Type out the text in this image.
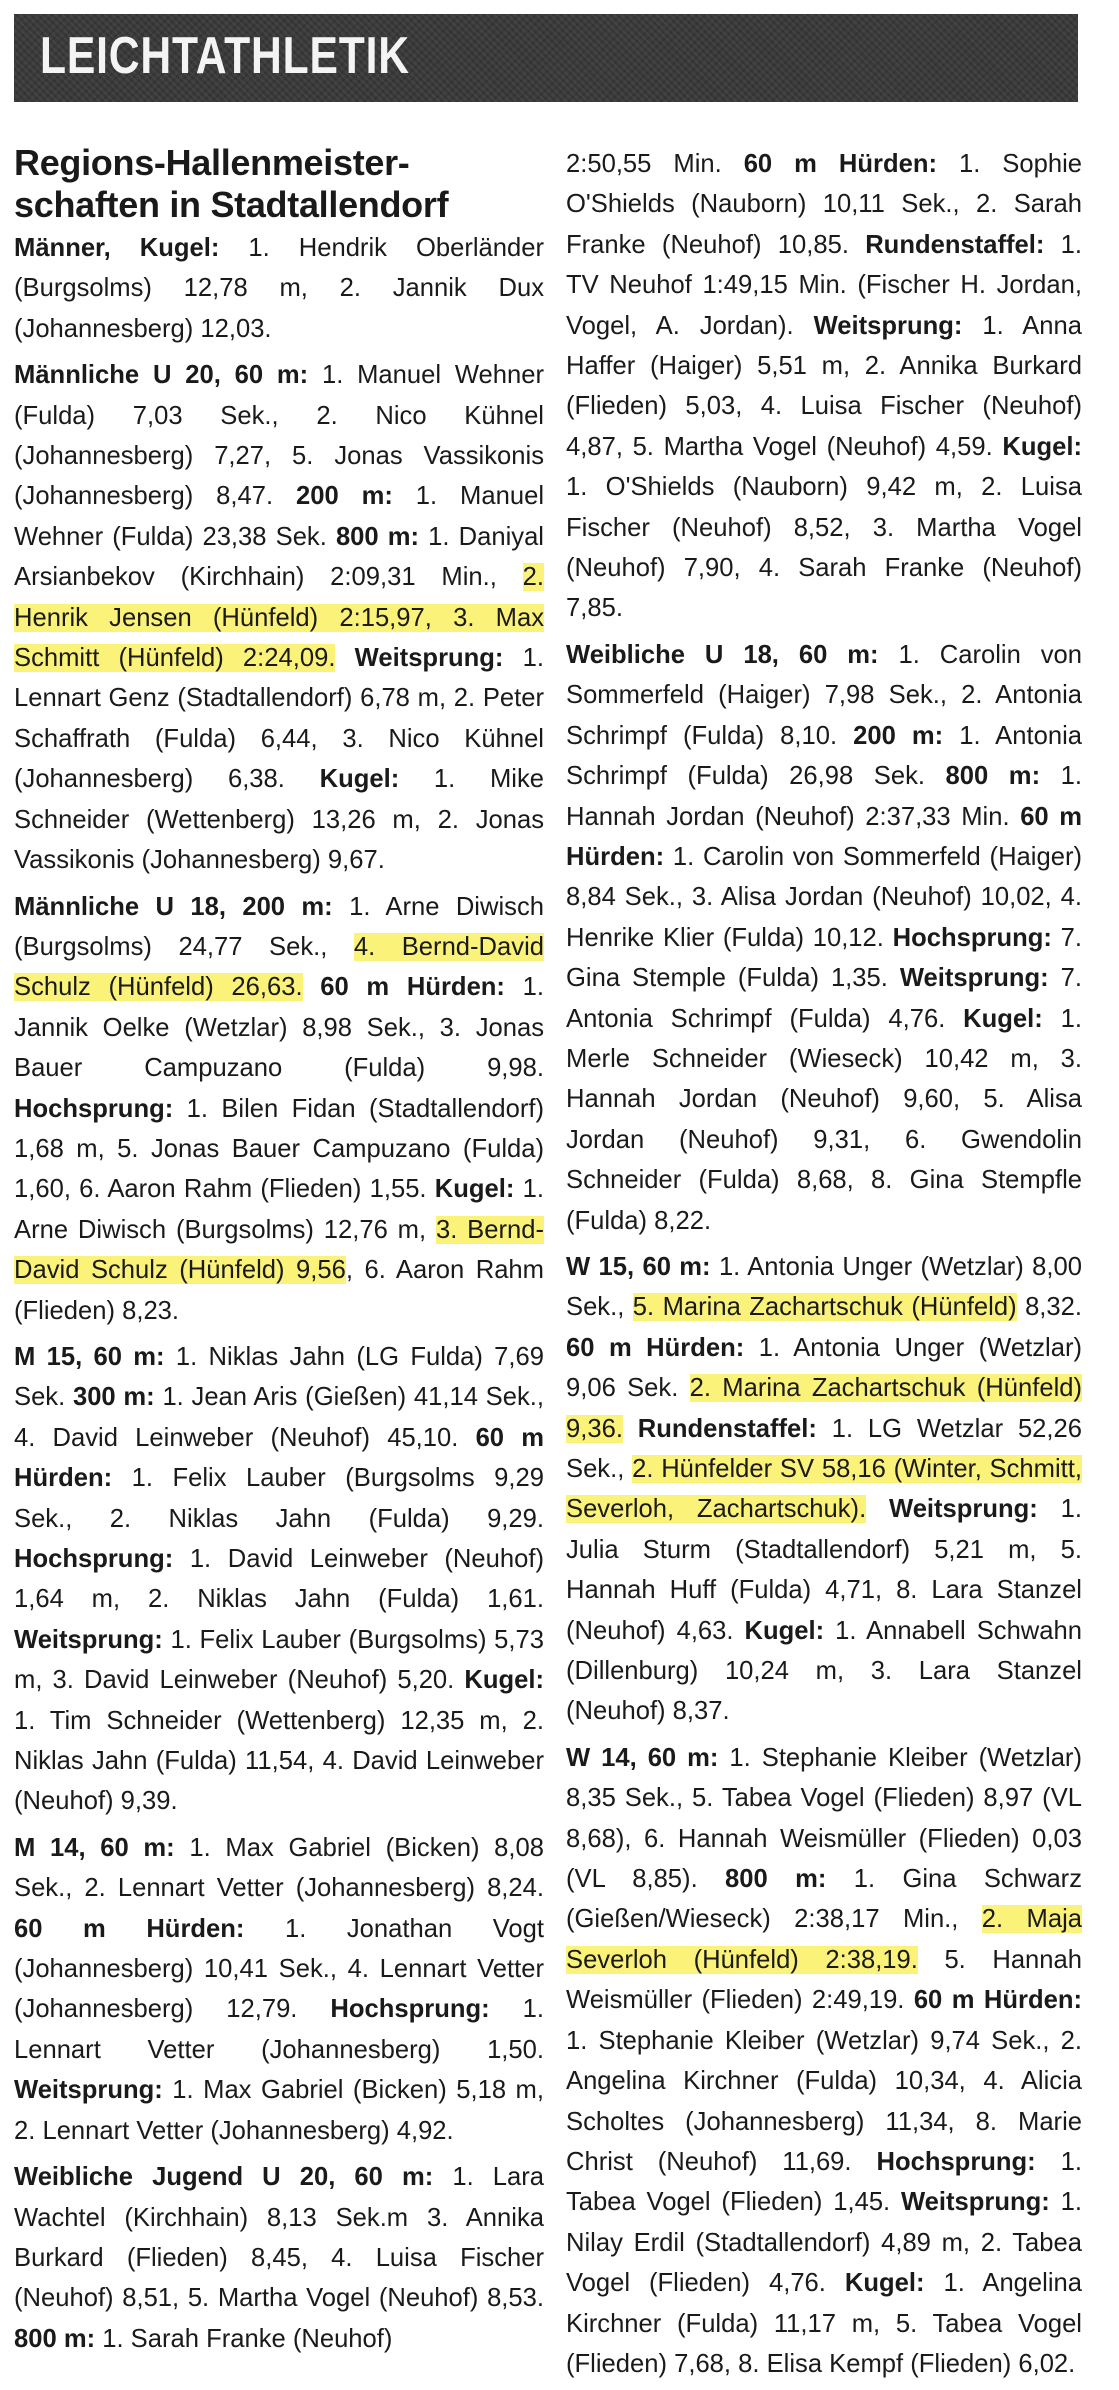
LEICHTATHLETIK
Regions-Hallenmeister-schaften in Stadtallendorf

Männer, Kugel: 1. Hendrik Oberländer (Burgsolms) 12,78 m, 2. Jannik Dux (Johannesberg) 12,03.

Männliche U 20, 60 m: 1. Manuel Wehner (Fulda) 7,03 Sek., 2. Nico Kühnel (Johannesberg) 7,27, 5. Jonas Vassikonis (Johannesberg) 8,47. 200 m: 1. Manuel Wehner (Fulda) 23,38 Sek. 800 m: 1. Daniyal Arsianbekov (Kirchhain) 2:09,31 Min., 2. Henrik Jensen (Hünfeld) 2:15,97, 3. Max Schmitt (Hünfeld) 2:24,09. Weitsprung: 1. Lennart Genz (Stadtallendorf) 6,78 m, 2. Peter Schaffrath (Fulda) 6,44, 3. Nico Kühnel (Johannesberg) 6,38. Kugel: 1. Mike Schneider (Wettenberg) 13,26 m, 2. Jonas Vassikonis (Johannesberg) 9,67.

Männliche U 18, 200 m: 1. Arne Diwisch (Burgsolms) 24,77 Sek., 4. Bernd-David Schulz (Hünfeld) 26,63. 60 m Hürden: 1. Jannik Oelke (Wetzlar) 8,98 Sek., 3. Jonas Bauer Campuzano (Fulda) 9,98. Hochsprung: 1. Bilen Fidan (Stadtallendorf) 1,68 m, 5. Jonas Bauer Campuzano (Fulda) 1,60, 6. Aaron Rahm (Flieden) 1,55. Kugel: 1. Arne Diwisch (Burgsolms) 12,76 m, 3. Bernd-David Schulz (Hünfeld) 9,56, 6. Aaron Rahm (Flieden) 8,23.

M 15, 60 m: 1. Niklas Jahn (LG Fulda) 7,69 Sek. 300 m: 1. Jean Aris (Gießen) 41,14 Sek., 4. David Leinweber (Neuhof) 45,10. 60 m Hürden: 1. Felix Lauber (Burgsolms 9,29 Sek., 2. Niklas Jahn (Fulda) 9,29. Hochsprung: 1. David Leinweber (Neuhof) 1,64 m, 2. Niklas Jahn (Fulda) 1,61. Weitsprung: 1. Felix Lauber (Burgsolms) 5,73 m, 3. David Leinweber (Neuhof) 5,20. Kugel: 1. Tim Schneider (Wettenberg) 12,35 m, 2. Niklas Jahn (Fulda) 11,54, 4. David Leinweber (Neuhof) 9,39.

M 14, 60 m: 1. Max Gabriel (Bicken) 8,08 Sek., 2. Lennart Vetter (Johannesberg) 8,24. 60 m Hürden: 1. Jonathan Vogt (Johannesberg) 10,41 Sek., 4. Lennart Vetter (Johannesberg) 12,79. Hochsprung: 1. Lennart Vetter (Johannesberg) 1,50. Weitsprung: 1. Max Gabriel (Bicken) 5,18 m, 2. Lennart Vetter (Johannesberg) 4,92.

Weibliche Jugend U 20, 60 m: 1. Lara Wachtel (Kirchhain) 8,13 Sek.m 3. Annika Burkard (Flieden) 8,45, 4. Luisa Fischer (Neuhof) 8,51, 5. Martha Vogel (Neuhof) 8,53. 800 m: 1. Sarah Franke (Neuhof)

2:50,55 Min. 60 m Hürden: 1. Sophie O'Shields (Nauborn) 10,11 Sek., 2. Sarah Franke (Neuhof) 10,85. Rundenstaffel: 1. TV Neuhof 1:49,15 Min. (Fischer H. Jordan, Vogel, A. Jordan). Weitsprung: 1. Anna Haffer (Haiger) 5,51 m, 2. Annika Burkard (Flieden) 5,03, 4. Luisa Fischer (Neuhof) 4,87, 5. Martha Vogel (Neuhof) 4,59. Kugel: 1. O'Shields (Nauborn) 9,42 m, 2. Luisa Fischer (Neuhof) 8,52, 3. Martha Vogel (Neuhof) 7,90, 4. Sarah Franke (Neuhof) 7,85.

Weibliche U 18, 60 m: 1. Carolin von Sommerfeld (Haiger) 7,98 Sek., 2. Antonia Schrimpf (Fulda) 8,10. 200 m: 1. Antonia Schrimpf (Fulda) 26,98 Sek. 800 m: 1. Hannah Jordan (Neuhof) 2:37,33 Min. 60 m Hürden: 1. Carolin von Sommerfeld (Haiger) 8,84 Sek., 3. Alisa Jordan (Neuhof) 10,02, 4. Henrike Klier (Fulda) 10,12. Hochsprung: 7. Gina Stemple (Fulda) 1,35. Weitsprung: 7. Antonia Schrimpf (Fulda) 4,76. Kugel: 1. Merle Schneider (Wieseck) 10,42 m, 3. Hannah Jordan (Neuhof) 9,60, 5. Alisa Jordan (Neuhof) 9,31, 6. Gwendolin Schneider (Fulda) 8,68, 8. Gina Stempfle (Fulda) 8,22.

W 15, 60 m: 1. Antonia Unger (Wetzlar) 8,00 Sek., 5. Marina Zachartschuk (Hünfeld) 8,32. 60 m Hürden: 1. Antonia Unger (Wetzlar) 9,06 Sek. 2. Marina Zachartschuk (Hünfeld) 9,36. Rundenstaffel: 1. LG Wetzlar 52,26 Sek., 2. Hünfelder SV 58,16 (Winter, Schmitt, Severloh, Zachartschuk). Weitsprung: 1. Julia Sturm (Stadtallendorf) 5,21 m, 5. Hannah Huff (Fulda) 4,71, 8. Lara Stanzel (Neuhof) 4,63. Kugel: 1. Annabell Schwahn (Dillenburg) 10,24 m, 3. Lara Stanzel (Neuhof) 8,37.

W 14, 60 m: 1. Stephanie Kleiber (Wetzlar) 8,35 Sek., 5. Tabea Vogel (Flieden) 8,97 (VL 8,68), 6. Hannah Weismüller (Flieden) 0,03 (VL 8,85). 800 m: 1. Gina Schwarz (Gießen/Wieseck) 2:38,17 Min., 2. Maja Severloh (Hünfeld) 2:38,19. 5. Hannah Weismüller (Flieden) 2:49,19. 60 m Hürden: 1. Stephanie Kleiber (Wetzlar) 9,74 Sek., 2. Angelina Kirchner (Fulda) 10,34, 4. Alicia Scholtes (Johannesberg) 11,34, 8. Marie Christ (Neuhof) 11,69. Hochsprung: 1. Tabea Vogel (Flieden) 1,45. Weitsprung: 1. Nilay Erdil (Stadtallendorf) 4,89 m, 2. Tabea Vogel (Flieden) 4,76. Kugel: 1. Angelina Kirchner (Fulda) 11,17 m, 5. Tabea Vogel (Flieden) 7,68, 8. Elisa Kempf (Flieden) 6,02.
